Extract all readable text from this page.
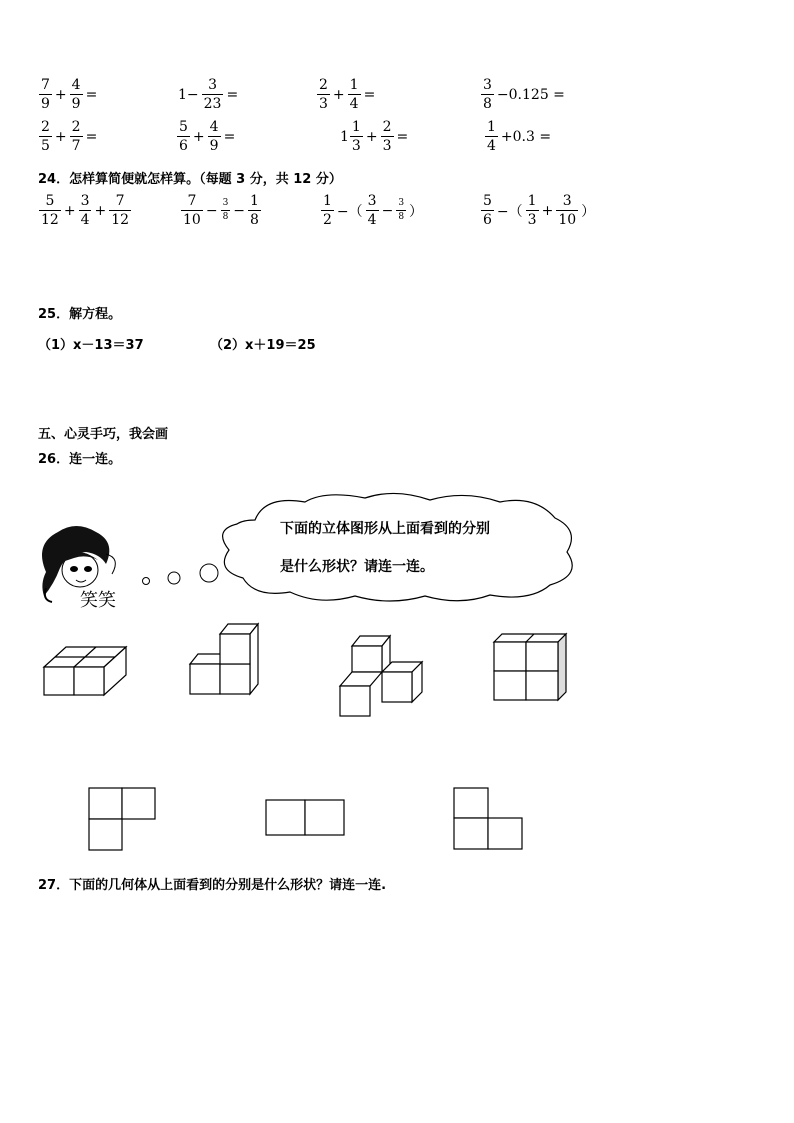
$\frac{7}{9} + \frac{4}{9}$ =	$1- \frac{3}{23}$ =	$\frac{2}{3} + \frac{1}{4}$ =	$\frac{3}{8} -0.125$ =
$\frac{2}{5} + \frac{2}{7}$ =	$\frac{5}{6} + \frac{4}{9}$ =	$1 \frac{1}{3} + \frac{2}{3}$ =	$\frac{1}{4} +0.3$ =
24．怎样算简便就怎样算。（每题 3 分，共 12 分）
$\frac{5}{12} + \frac{3}{4} + \frac{7}{12}$	$\frac{7}{10} - \frac{3}{8} - \frac{1}{8}$	$\frac{1}{2}$ −（ $\frac{3}{4} - \frac{3}{8}$ ）	$\frac{5}{6}$ −（ $\frac{1}{3} + \frac{3}{10}$ ）
25．解方程。
（1）x－13＝37	（2）x＋19＝25
五、心灵手巧，我会画
26．连一连。
下面的立体图形从上面看到的分别
是什么形状？请连一连。
笑笑
27．下面的几何体从上面看到的分别是什么形状？请连一连.
